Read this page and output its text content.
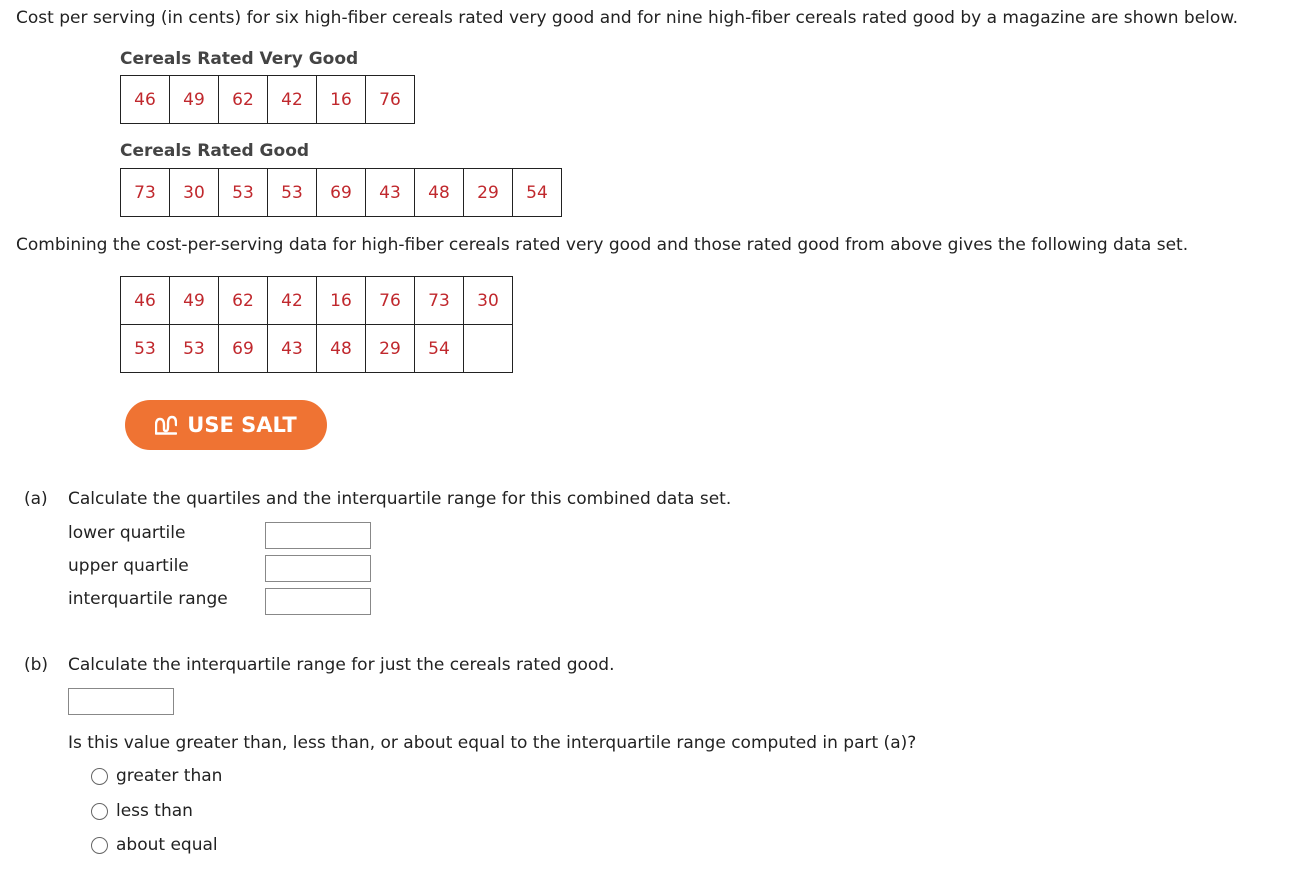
Cost per serving (in cents) for six high-fiber cereals rated very good and for nine high-fiber cereals rated good by a magazine are shown below.
Cereals Rated Very Good
46	49	62	42	16	76
Cereals Rated Good
73	30	53	53	69	43	48	29	54
Combining the cost-per-serving data for high-fiber cereals rated very good and those rated good from above gives the following data set.
46	49	62	42	16	76	73	30
53	53	69	43	48	29	54	
USE SALT
(a) Calculate the quartiles and the interquartile range for this combined data set.
lower quartile
upper quartile
interquartile range
(b) Calculate the interquartile range for just the cereals rated good.
Is this value greater than, less than, or about equal to the interquartile range computed in part (a)?
greater than
less than
about equal
